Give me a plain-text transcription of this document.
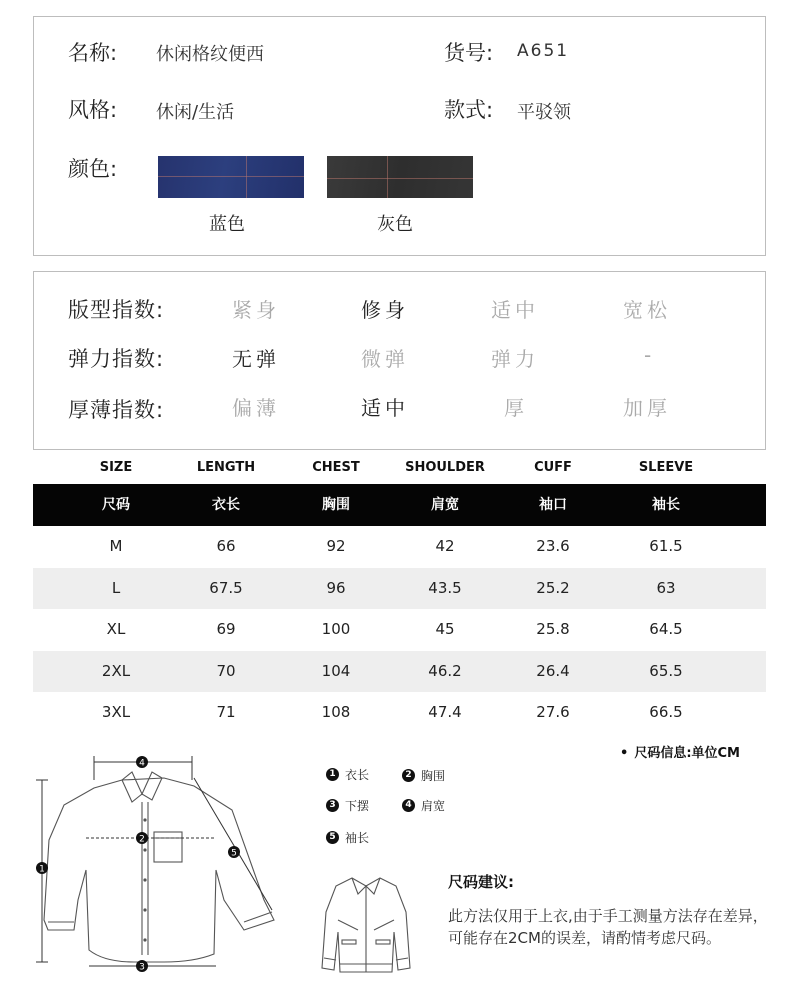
名称: 休闲格纹便西	货号: A651
风格: 休闲/生活	款式: 平驳领
颜色:
蓝色	灰色
版型指数:	紧身	修身	适中	宽松
弹力指数:	无弹	微弹	弹力	-
厚薄指数:	偏薄	适中	厚	加厚
SIZE	LENGTH	CHEST	SHOULDER	CUFF	SLEEVE
尺码	衣长	胸围	肩宽	袖口	袖长
M	66	92	42	23.6	61.5
L	67.5	96	43.5	25.2	63
XL	69	100	45	25.8	64.5
2XL	70	104	46.2	26.4	65.5
3XL	71	108	47.4	27.6	66.5
• 尺码信息:单位CM
4
2
1
3
5
1 衣长	2 胸围
3 下摆	4 肩宽
5 袖长
尺码建议:
此方法仅用于上衣,由于手工测量方法存在差异，可能存在2CM的误差，请酌情考虑尺码。
